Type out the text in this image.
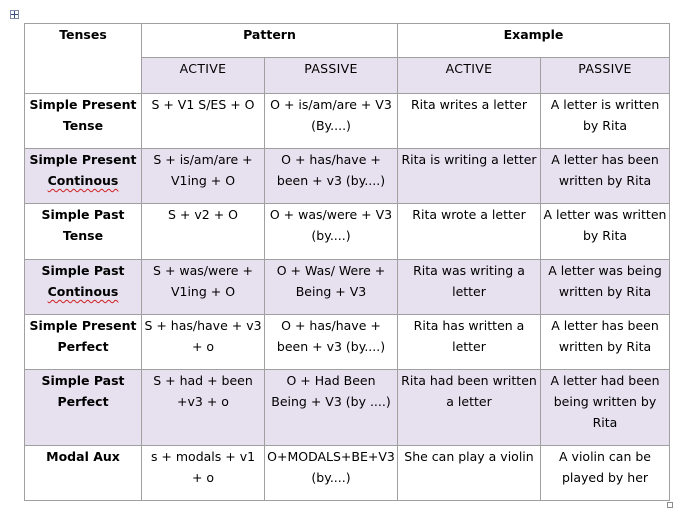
Tenses	Pattern		Example	
	ACTIVE	PASSIVE	ACTIVE	PASSIVE

Simple Present
Tense	S + V1 S/ES + O	O + is/am/are + V3 (By....)	Rita writes a letter	A letter is written by Rita

Simple Present
Continous	S + is/am/are + V1ing + O	O + has/have + been + v3 (by....)	Rita is writing a letter	A letter has been written by Rita

Simple Past
Tense	S + v2 + O	O + was/were + V3 (by....)	Rita wrote a letter	A letter was written by Rita

Simple Past
Continous	S + was/were + V1ing + O	O + Was/ Were + Being + V3	Rita was writing a letter	A letter was being written by Rita

Simple Present
Perfect	S + has/have + v3 + o	O + has/have + been + v3 (by....)	Rita has written a letter	A letter has been written by Rita

Simple Past
Perfect	S + had + been +v3 + o	O + Had Been Being + V3 (by ....)	Rita had been written a letter	A letter had been being written by Rita

Modal Aux	s + modals + v1 + o	O+MODALS+BE+V3 (by....)	She can play a violin	A violin can be played by her
